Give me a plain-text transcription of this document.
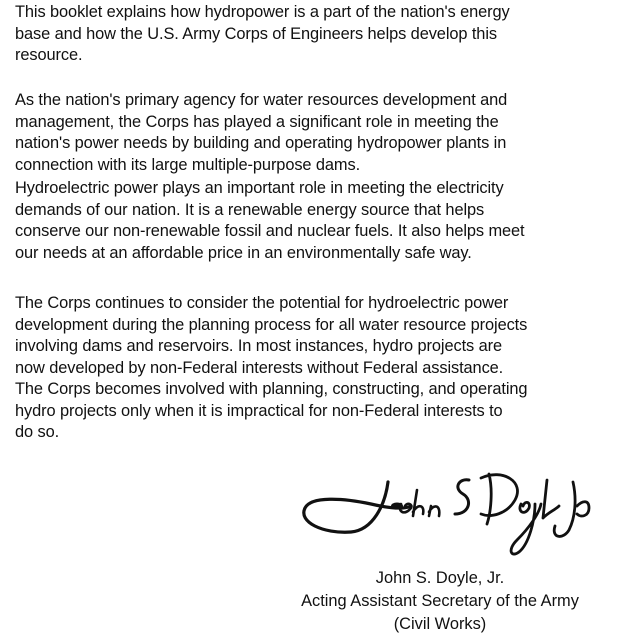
This booklet explains how hydropower is a part of the nation's energy
base and how the U.S. Army Corps of Engineers helps develop this
resource.

As the nation's primary agency for water resources development and
management, the Corps has played a significant role in meeting the
nation's power needs by building and operating hydropower plants in
connection with its large multiple-purpose dams.

Hydroelectric power plays an important role in meeting the electricity
demands of our nation. It is a renewable energy source that helps
conserve our non-renewable fossil and nuclear fuels. It also helps meet
our needs at an affordable price in an environmentally safe way.

The Corps continues to consider the potential for hydroelectric power
development during the planning process for all water resource projects
involving dams and reservoirs. In most instances, hydro projects are
now developed by non-Federal interests without Federal assistance.
The Corps becomes involved with planning, constructing, and operating
hydro projects only when it is impractical for non-Federal interests to
do so.

John S. Doyle, Jr.
Acting Assistant Secretary of the Army
(Civil Works)
